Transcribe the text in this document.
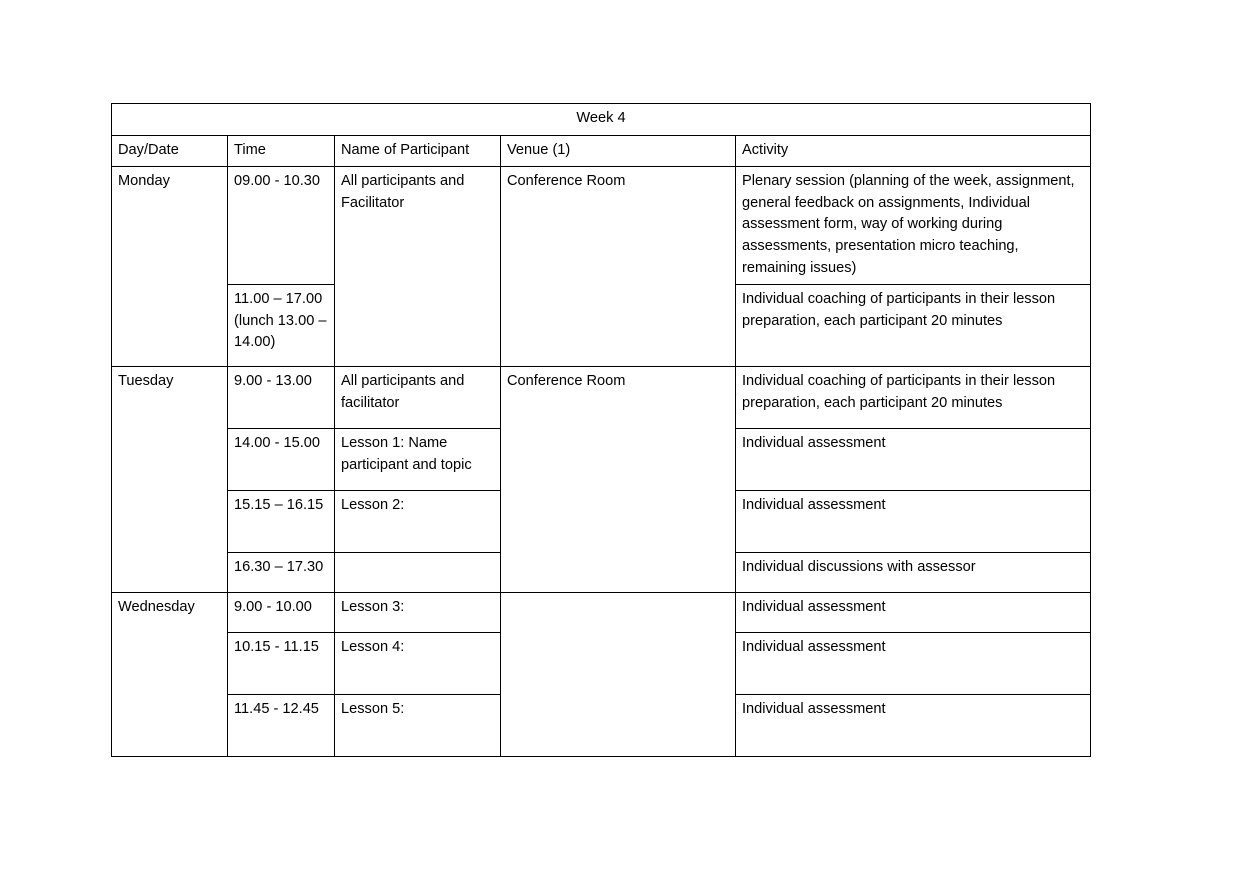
Week 4				
Day/Date	Time	Name of Participant	Venue (1)	Activity
Monday	09.00 - 10.30	All participants and Facilitator	Conference Room	Plenary session (planning of the week, assignment, general feedback on assignments, Individual assessment form, way of working during assessments, presentation micro teaching, remaining issues)
	11.00 – 17.00 (lunch 13.00 – 14.00)			Individual coaching of participants in their lesson preparation, each participant 20 minutes
Tuesday	9.00 - 13.00	All participants and facilitator	Conference Room	Individual coaching of participants in their lesson preparation, each participant 20 minutes
	14.00 - 15.00	Lesson 1: Name participant and topic		Individual assessment
	15.15 – 16.15	Lesson 2:		Individual assessment
	16.30 – 17.30			Individual discussions with assessor
Wednesday	9.00 - 10.00	Lesson 3:		Individual assessment
	10.15 - 11.15	Lesson 4:		Individual assessment
	11.45 - 12.45	Lesson 5:		Individual assessment
